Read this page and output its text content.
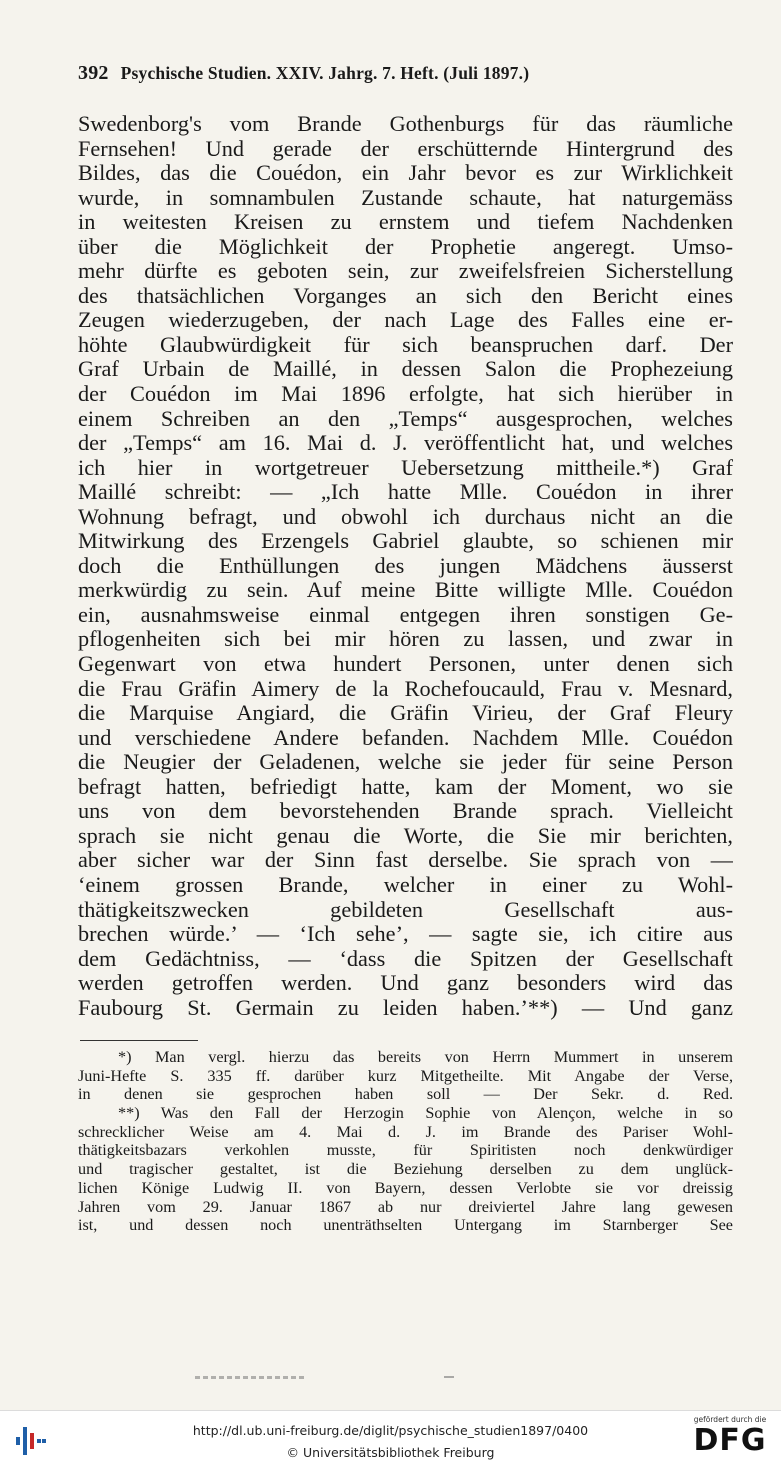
392 Psychische Studien. XXIV. Jahrg. 7. Heft. (Juli 1897.)
Swedenborg's vom Brande Gothenburgs für das räumliche
Fernsehen! Und gerade der erschütternde Hintergrund des
Bildes, das die Couédon, ein Jahr bevor es zur Wirklichkeit
wurde, in somnambulen Zustande schaute, hat naturgemäss
in weitesten Kreisen zu ernstem und tiefem Nachdenken
über die Möglichkeit der Prophetie angeregt. Umso-
mehr dürfte es geboten sein, zur zweifelsfreien Sicherstellung
des thatsächlichen Vorganges an sich den Bericht eines
Zeugen wiederzugeben, der nach Lage des Falles eine er-
höhte Glaubwürdigkeit für sich beanspruchen darf. Der
Graf Urbain de Maillé, in dessen Salon die Prophezeiung
der Couédon im Mai 1896 erfolgte, hat sich hierüber in
einem Schreiben an den „Temps“ ausgesprochen, welches
der „Temps“ am 16. Mai d. J. veröffentlicht hat, und welches
ich hier in wortgetreuer Uebersetzung mittheile.*) Graf
Maillé schreibt: — „Ich hatte Mlle. Couédon in ihrer
Wohnung befragt, und obwohl ich durchaus nicht an die
Mitwirkung des Erzengels Gabriel glaubte, so schienen mir
doch die Enthüllungen des jungen Mädchens äusserst
merkwürdig zu sein. Auf meine Bitte willigte Mlle. Couédon
ein, ausnahmsweise einmal entgegen ihren sonstigen Ge-
pflogenheiten sich bei mir hören zu lassen, und zwar in
Gegenwart von etwa hundert Personen, unter denen sich
die Frau Gräfin Aimery de la Rochefoucauld, Frau v. Mesnard,
die Marquise Angiard, die Gräfin Virieu, der Graf Fleury
und verschiedene Andere befanden. Nachdem Mlle. Couédon
die Neugier der Geladenen, welche sie jeder für seine Person
befragt hatten, befriedigt hatte, kam der Moment, wo sie
uns von dem bevorstehenden Brande sprach. Vielleicht
sprach sie nicht genau die Worte, die Sie mir berichten,
aber sicher war der Sinn fast derselbe. Sie sprach von —
‘einem grossen Brande, welcher in einer zu Wohl-
thätigkeitszwecken gebildeten Gesellschaft aus-
brechen würde.’ — ‘Ich sehe’, — sagte sie, ich citire aus
dem Gedächtniss, — ‘dass die Spitzen der Gesellschaft
werden getroffen werden. Und ganz besonders wird das
Faubourg St. Germain zu leiden haben.’**) — Und ganz
*) Man vergl. hierzu das bereits von Herrn Mummert in unserem
Juni-Hefte S. 335 ff. darüber kurz Mitgetheilte. Mit Angabe der Verse,
in denen sie gesprochen haben soll — Der Sekr. d. Red.
**) Was den Fall der Herzogin Sophie von Alençon, welche in so
schrecklicher Weise am 4. Mai d. J. im Brande des Pariser Wohl-
thätigkeitsbazars verkohlen musste, für Spiritisten noch denkwürdiger
und tragischer gestaltet, ist die Beziehung derselben zu dem unglück-
lichen Könige Ludwig II. von Bayern, dessen Verlobte sie vor dreissig
Jahren vom 29. Januar 1867 ab nur dreiviertel Jahre lang gewesen
ist, und dessen noch unenträthselten Untergang im Starnberger See
http://dl.ub.uni-freiburg.de/diglit/psychische_studien1897/0400
© Universitätsbibliothek Freiburg
gefördert durch die
DFG
